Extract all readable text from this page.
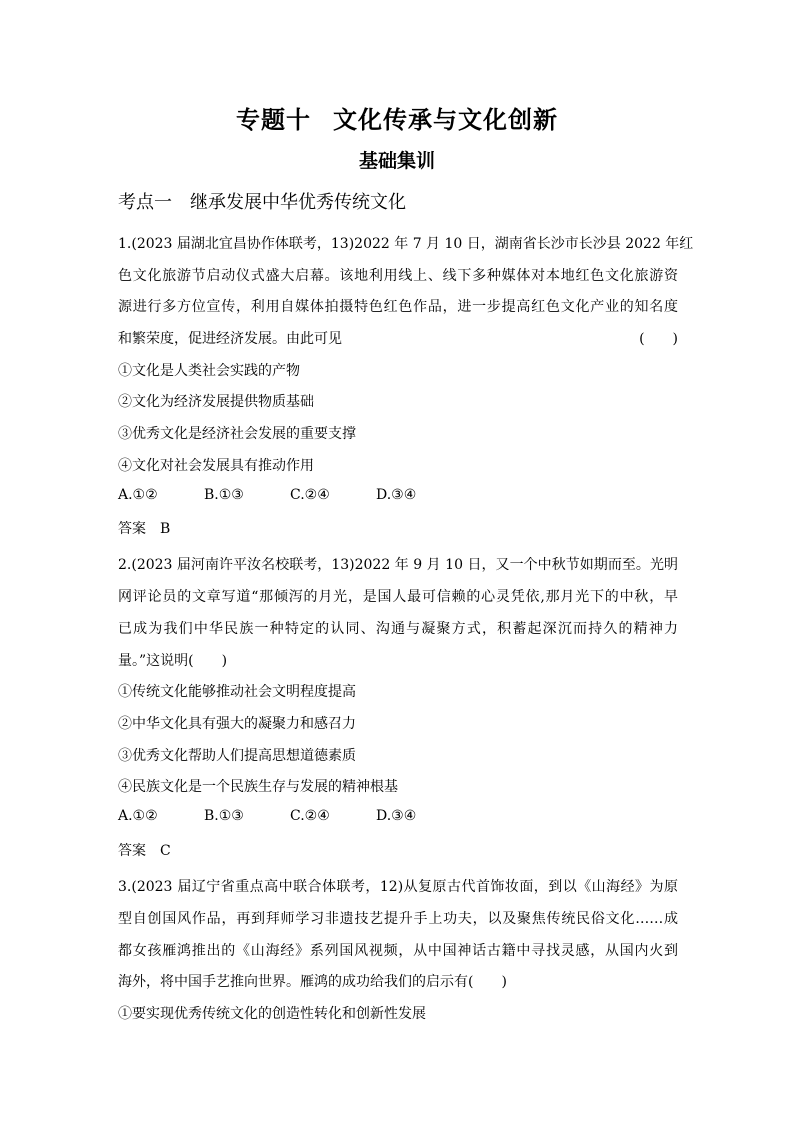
专题十 文化传承与文化创新
基础集训
考点一 继承发展中华优秀传统文化
1.(2023 届湖北宜昌协作体联考，13)2022 年 7 月 10 日，湖南省长沙市长沙县 2022 年红
色文化旅游节启动仪式盛大启幕。该地利用线上、线下多种媒体对本地红色文化旅游资
源进行多方位宣传，利用自媒体拍摄特色红色作品，进一步提高红色文化产业的知名度
和繁荣度，促进经济发展。由此可见	(　　)
①文化是人类社会实践的产物
②文化为经济发展提供物质基础
③优秀文化是经济社会发展的重要支撑
④文化对社会发展具有推动作用
A.①②	B.①③	C.②④	D.③④
答案　B
2.(2023 届河南许平汝名校联考，13)2022 年 9 月 10 日，又一个中秋节如期而至。光明
网评论员的文章写道“那倾泻的月光，是国人最可信赖的心灵凭依,那月光下的中秋，早
已成为我们中华民族一种特定的认同、沟通与凝聚方式，积蓄起深沉而持久的精神力
量。”这说明(　　)
①传统文化能够推动社会文明程度提高
②中华文化具有强大的凝聚力和感召力
③优秀文化帮助人们提高思想道德素质
④民族文化是一个民族生存与发展的精神根基
A.①②	B.①③	C.②④	D.③④
答案　C
3.(2023 届辽宁省重点高中联合体联考，12)从复原古代首饰妆面，到以《山海经》为原
型自创国风作品，再到拜师学习非遗技艺提升手上功夫，以及聚焦传统民俗文化……成
都女孩雁鸿推出的《山海经》系列国风视频，从中国神话古籍中寻找灵感，从国内火到
海外，将中国手艺推向世界。雁鸿的成功给我们的启示有(　　)
①要实现优秀传统文化的创造性转化和创新性发展
